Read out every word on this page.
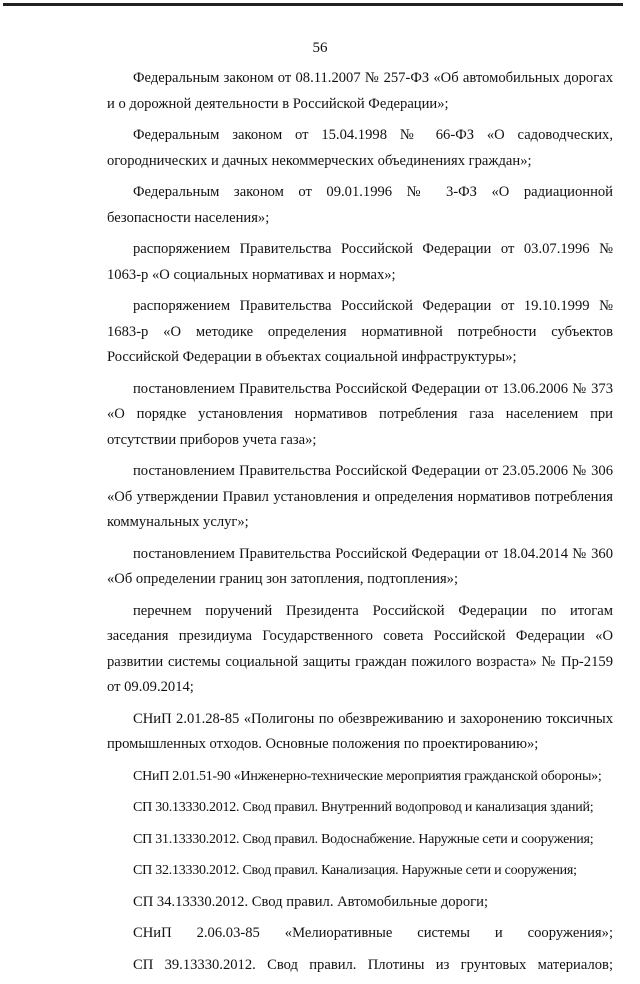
56

Федеральным законом от 08.11.2007 № 257-ФЗ «Об автомобильных дорогах и о дорожной деятельности в Российской Федерации»;

Федеральным законом от 15.04.1998 № 66-ФЗ «О садоводческих, огороднических и дачных некоммерческих объединениях граждан»;

Федеральным законом от 09.01.1996 № 3-ФЗ «О радиационной безопасности населения»;

распоряжением Правительства Российской Федерации от 03.07.1996 № 1063-р «О социальных нормативах и нормах»;

распоряжением Правительства Российской Федерации от 19.10.1999 № 1683-р «О методике определения нормативной потребности субъектов Российской Федерации в объектах социальной инфраструктуры»;

постановлением Правительства Российской Федерации от 13.06.2006 № 373 «О порядке установления нормативов потребления газа населением при отсутствии приборов учета газа»;

постановлением Правительства Российской Федерации от 23.05.2006 № 306 «Об утверждении Правил установления и определения нормативов потребления коммунальных услуг»;

постановлением Правительства Российской Федерации от 18.04.2014 № 360 «Об определении границ зон затопления, подтопления»;

перечнем поручений Президента Российской Федерации по итогам заседания президиума Государственного совета Российской Федерации «О развитии системы социальной защиты граждан пожилого возраста» № Пр-2159 от 09.09.2014;

СНиП 2.01.28-85 «Полигоны по обезвреживанию и захоронению токсичных промышленных отходов. Основные положения по проектированию»;

СНиП 2.01.51-90 «Инженерно-технические мероприятия гражданской обороны»;

СП 30.13330.2012. Свод правил. Внутренний водопровод и канализация зданий;

СП 31.13330.2012. Свод правил. Водоснабжение. Наружные сети и сооружения;

СП 32.13330.2012. Свод правил. Канализация. Наружные сети и сооружения;

СП 34.13330.2012. Свод правил. Автомобильные дороги;

СНиП 2.06.03-85 «Мелиоративные системы и сооружения»;

СП 39.13330.2012. Свод правил. Плотины из грунтовых материалов;
